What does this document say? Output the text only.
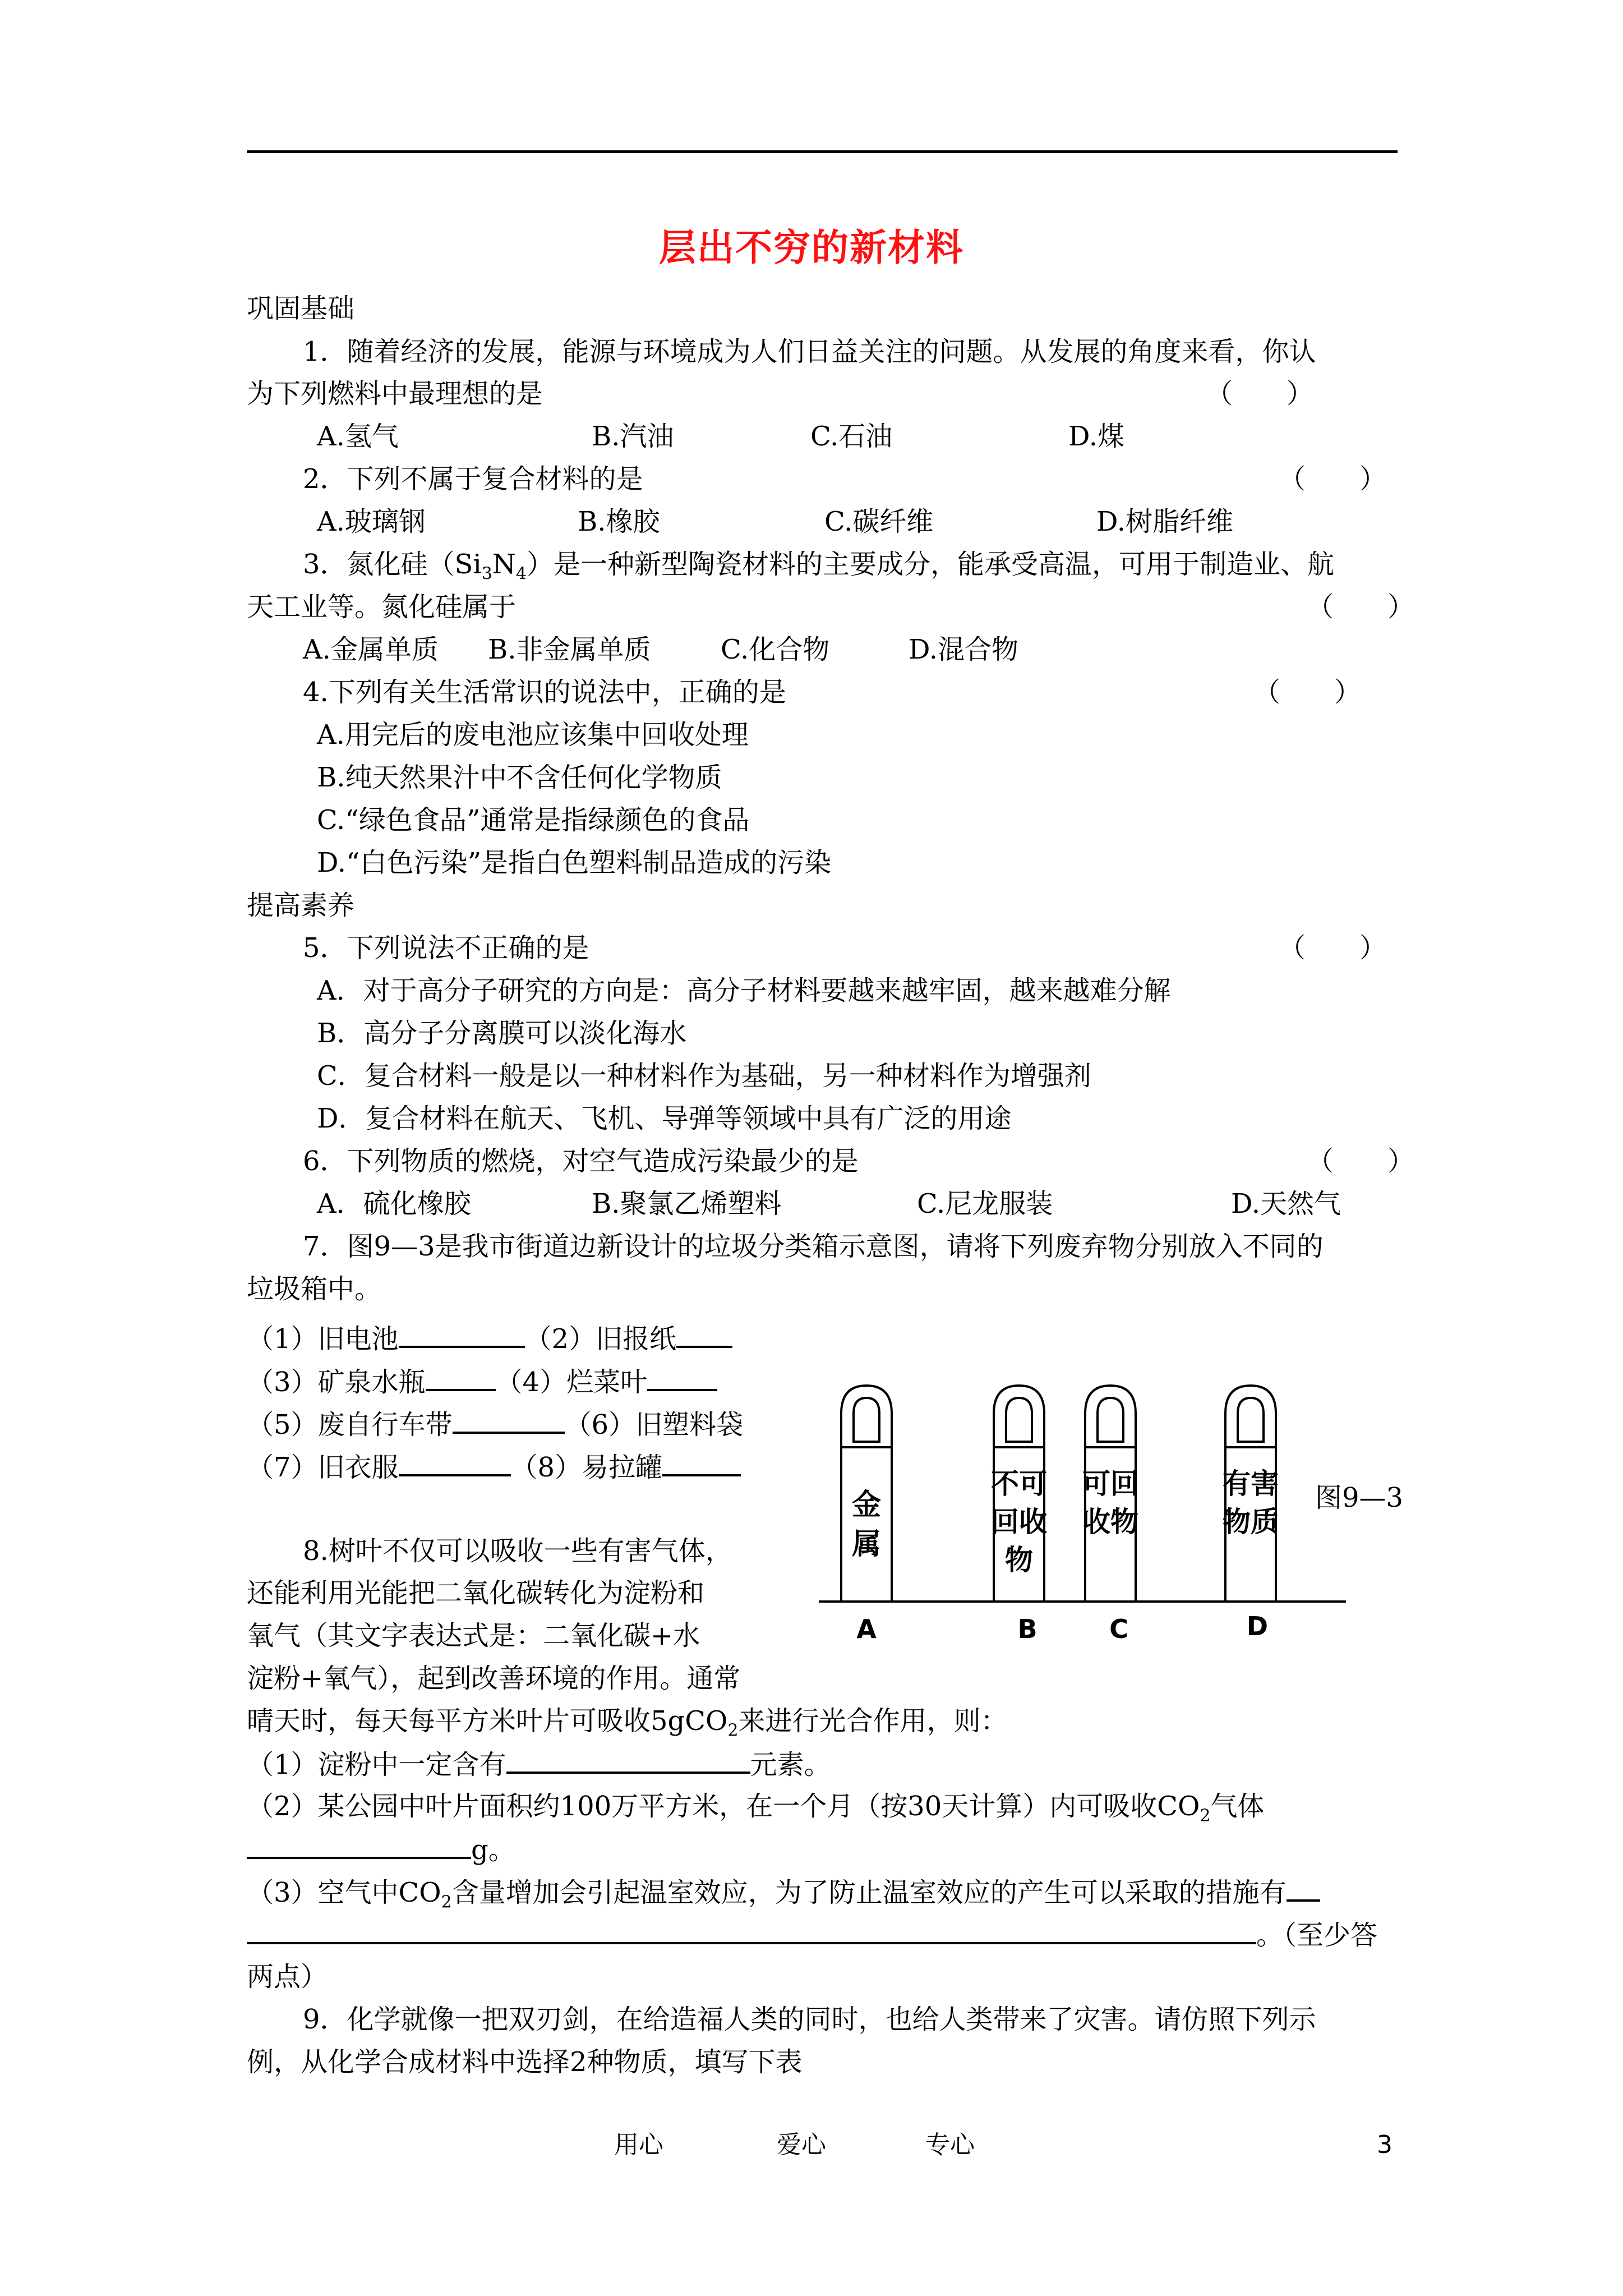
层出不穷的新材料
巩固基础
1．随着经济的发展，能源与环境成为人们日益关注的问题。从发展的角度来看，你认
为下列燃料中最理想的是	（　　）
A.氢气	B.汽油	C.石油	D.煤
2．下列不属于复合材料的是	（　　）
A.玻璃钢	B.橡胶	C.碳纤维	D.树脂纤维
3．氮化硅$(Si_3N_4)$是一种新型陶瓷材料的主要成分，能承受高温，可用于制造业、航
天工业等。氮化硅属于	（　　）
A.金属单质 B.非金属单质	C.化合物	D.混合物
4.下列有关生活常识的说法中，正确的是	（　　）
A.用完后的废电池应该集中回收处理
B.纯天然果汁中不含任何化学物质
C.“绿色食品”通常是指绿颜色的食品
D.“白色污染”是指白色塑料制品造成的污染
提高素养
5．下列说法不正确的是	（　　）
A．对于高分子研究的方向是：高分子材料要越来越牢固，越来越难分解
B．高分子分离膜可以淡化海水
C．复合材料一般是以一种材料作为基础，另一种材料作为增强剂
D．复合材料在航天、飞机、导弹等领域中具有广泛的用途
6．下列物质的燃烧，对空气造成污染最少的是	（　　）
A．硫化橡胶	B.聚氯乙烯塑料	C.尼龙服装	D.天然气
7．图9—3是我市街道边新设计的垃圾分类箱示意图，请将下列废弃物分别放入不同的
垃圾箱中。
（1）旧电池	（2）旧报纸
（3）矿泉水瓶	（4）烂菜叶
（5）废自行车带	（6）旧塑料袋
（7）旧衣服	（8）易拉罐
金
属
A
不可
回收
物
B
可回
收物
C
有害
物质
D
图9—3
8.树叶不仅可以吸收一些有害气体，
还能利用光能把二氧化碳转化为淀粉和
氧气（其文字表达式是：二氧化碳+水
淀粉+氧气），起到改善环境的作用。通常
晴天时，每天每平方米叶片可吸收5gCO$_2$来进行光合作用，则：
（1）淀粉中一定含有	元素。
（2）某公园中叶片面积约100万平方米，在一个月（按30天计算）内可吸收$CO_2$气体
g。
（3）空气中$CO_2$含量增加会引起温室效应，为了防止温室效应的产生可以采取的措施有
。（至少答
两点）
9．化学就像一把双刃剑，在给造福人类的同时，也给人类带来了灾害。请仿照下列示
例，从化学合成材料中选择2种物质，填写下表
用心	爱心	专心	3
